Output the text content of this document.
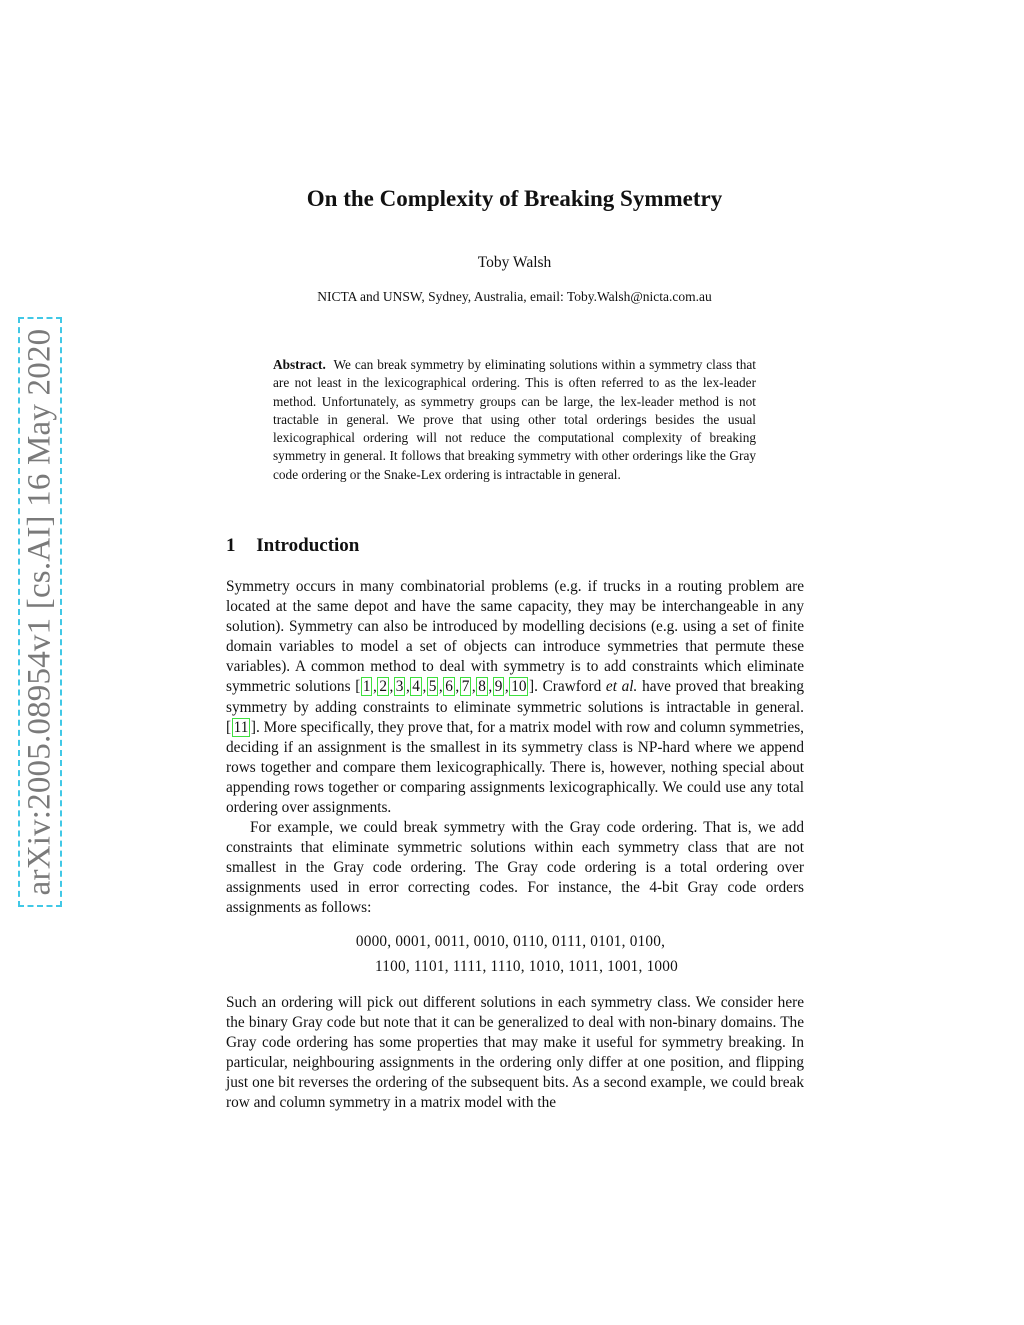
arXiv:2005.08954v1 [cs.AI] 16 May 2020
On the Complexity of Breaking Symmetry
Toby Walsh
NICTA and UNSW, Sydney, Australia, email: Toby.Walsh@nicta.com.au
Abstract. We can break symmetry by eliminating solutions within a symmetry class that are not least in the lexicographical ordering. This is often referred to as the lex-leader method. Unfortunately, as symmetry groups can be large, the lex-leader method is not tractable in general. We prove that using other total orderings besides the usual lexicographical ordering will not reduce the computational complexity of breaking symmetry in general. It follows that breaking symmetry with other orderings like the Gray code ordering or the Snake-Lex ordering is intractable in general.
1 Introduction
Symmetry occurs in many combinatorial problems (e.g. if trucks in a routing problem are located at the same depot and have the same capacity, they may be interchangeable in any solution). Symmetry can also be introduced by modelling decisions (e.g. using a set of finite domain variables to model a set of objects can introduce symmetries that permute these variables). A common method to deal with symmetry is to add constraints which eliminate symmetric solutions [ 1 , 2 , 3 , 4 , 5 , 6 , 7 , 8 , 9 , 10 ]. Crawford et al. have proved that breaking symmetry by adding constraints to eliminate symmetric solutions is intractable in general. [ 11 ]. More specifically, they prove that, for a matrix model with row and column symmetries, deciding if an assignment is the smallest in its symmetry class is NP-hard where we append rows together and compare them lexicographically. There is, however, nothing special about appending rows together or comparing assignments lexicographically. We could use any total ordering over assignments.
For example, we could break symmetry with the Gray code ordering. That is, we add constraints that eliminate symmetric solutions within each symmetry class that are not smallest in the Gray code ordering. The Gray code ordering is a total ordering over assignments used in error correcting codes. For instance, the 4-bit Gray code orders assignments as follows:
0000, 0001, 0011, 0010, 0110, 0111, 0101, 0100,
1100, 1101, 1111, 1110, 1010, 1011, 1001, 1000
Such an ordering will pick out different solutions in each symmetry class. We consider here the binary Gray code but note that it can be generalized to deal with non-binary domains. The Gray code ordering has some properties that may make it useful for symmetry breaking. In particular, neighbouring assignments in the ordering only differ at one position, and flipping just one bit reverses the ordering of the subsequent bits. As a second example, we could break row and column symmetry in a matrix model with the
